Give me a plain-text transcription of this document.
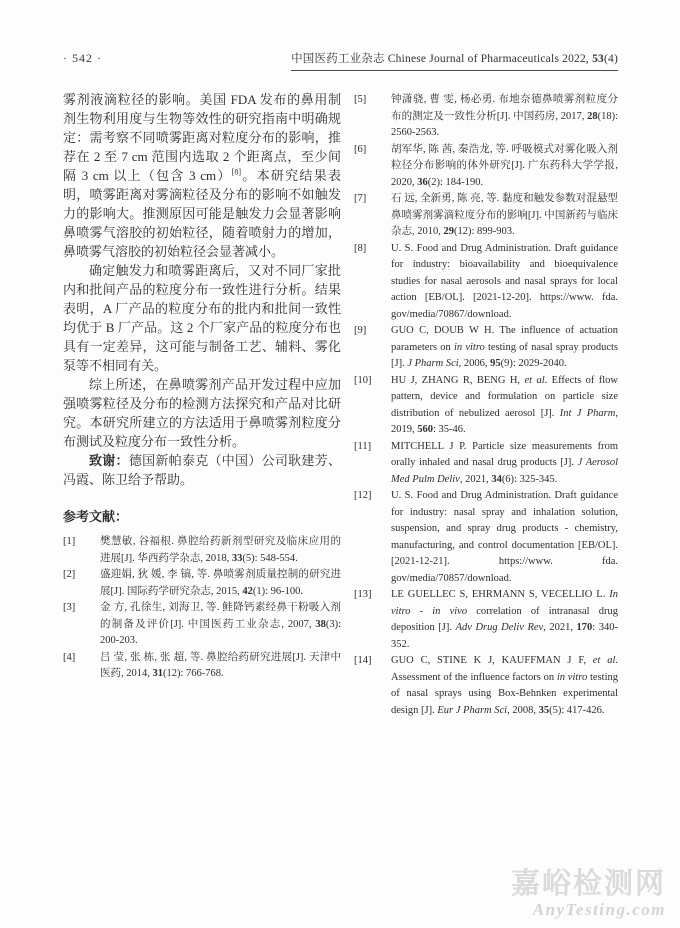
· 542 ·	中国医药工业杂志 Chinese Journal of Pharmaceuticals 2022, 53(4)
雾剂液滴粒径的影响。美国 FDA 发布的鼻用制剂生物利用度与生物等效性的研究指南中明确规定：需考察不同喷雾距离对粒度分布的影响，推荐在 2 至 7 cm 范围内选取 2 个距离点，至少间隔 3 cm 以上（包含 3 cm）[8]。本研究结果表明，喷雾距离对雾滴粒径及分布的影响不如触发力的影响大。推测原因可能是触发力会显著影响鼻喷雾气溶胶的初始粒径，随着喷射力的增加，鼻喷雾气溶胶的初始粒径会显著减小。
确定触发力和喷雾距离后，又对不同厂家批内和批间产品的粒度分布一致性进行分析。结果表明，A 厂产品的粒度分布的批内和批间一致性均优于 B 厂产品。这 2 个厂家产品的粒度分布也具有一定差异，这可能与制备工艺、辅料、雾化泵等不相同有关。
综上所述，在鼻喷雾剂产品开发过程中应加强喷雾粒径及分布的检测方法探究和产品对比研究。本研究所建立的方法适用于鼻喷雾剂粒度分布测试及粒度分布一致性分析。
致谢：德国新帕泰克（中国）公司耿建芳、冯霞、陈卫给予帮助。
参考文献：
[1]	樊慧敏, 谷福根. 鼻腔给药新剂型研究及临床应用的进展[J]. 华西药学杂志, 2018, 33(5): 548-554.
[2]	盛迎娟, 狄 媛, 李 镐, 等. 鼻喷雾剂质量控制的研究进展[J]. 国际药学研究杂志, 2015, 42(1): 96-100.
[3]	金 方, 孔徐生, 刘海卫, 等. 鲑降钙素经鼻干粉吸入剂的制备及评价[J]. 中国医药工业杂志, 2007, 38(3): 200-203.
[4]	吕 莹, 张 栋, 张 超, 等. 鼻腔给药研究进展[J]. 天津中医药, 2014, 31(12): 766-768.
[5]	钟潇骁, 曹 雯, 杨必勇. 布地奈德鼻喷雾剂粒度分布的测定及一致性分析[J]. 中国药房, 2017, 28(18): 2560-2563.
[6]	胡军华, 陈 茜, 秦浩龙, 等. 呼吸模式对雾化吸入剂粒径分布影响的体外研究[J]. 广东药科大学学报, 2020, 36(2): 184-190.
[7]	石 远, 全新勇, 陈 亮, 等. 黏度和触发参数对混悬型鼻喷雾剂雾滴粒度分布的影响[J]. 中国新药与临床杂志, 2010, 29(12): 899-903.
[8]	U. S. Food and Drug Administration. Draft guidance for industry: bioavailability and bioequivalence studies for nasal aerosols and nasal sprays for local action [EB/OL]. [2021-12-20]. https://www. fda. gov/media/70867/download.
[9]	GUO C, DOUB W H. The influence of actuation parameters on in vitro testing of nasal spray products [J]. J Pharm Sci, 2006, 95(9): 2029-2040.
[10]	HU J, ZHANG R, BENG H, et al. Effects of flow pattern, device and formulation on particle size distribution of nebulized aerosol [J]. Int J Pharm, 2019, 560: 35-46.
[11]	MITCHELL J P. Particle size measurements from orally inhaled and nasal drug products [J]. J Aerosol Med Pulm Deliv, 2021, 34(6): 325-345.
[12]	U. S. Food and Drug Administration. Draft guidance for industry: nasal spray and inhalation solution, suspension, and spray drug products - chemistry, manufacturing, and control documentation [EB/OL]. [2021-12-21]. https://www. fda. gov/media/70857/download.
[13]	LE GUELLEC S, EHRMANN S, VECELLIO L. In vitro - in vivo correlation of intranasal drug deposition [J]. Adv Drug Deliv Rev, 2021, 170: 340-352.
[14]	GUO C, STINE K J, KAUFFMAN J F, et al. Assessment of the influence factors on in vitro testing of nasal sprays using Box-Behnken experimental design [J]. Eur J Pharm Sci, 2008, 35(5): 417-426.
嘉峪检测网
AnyTesting.com
